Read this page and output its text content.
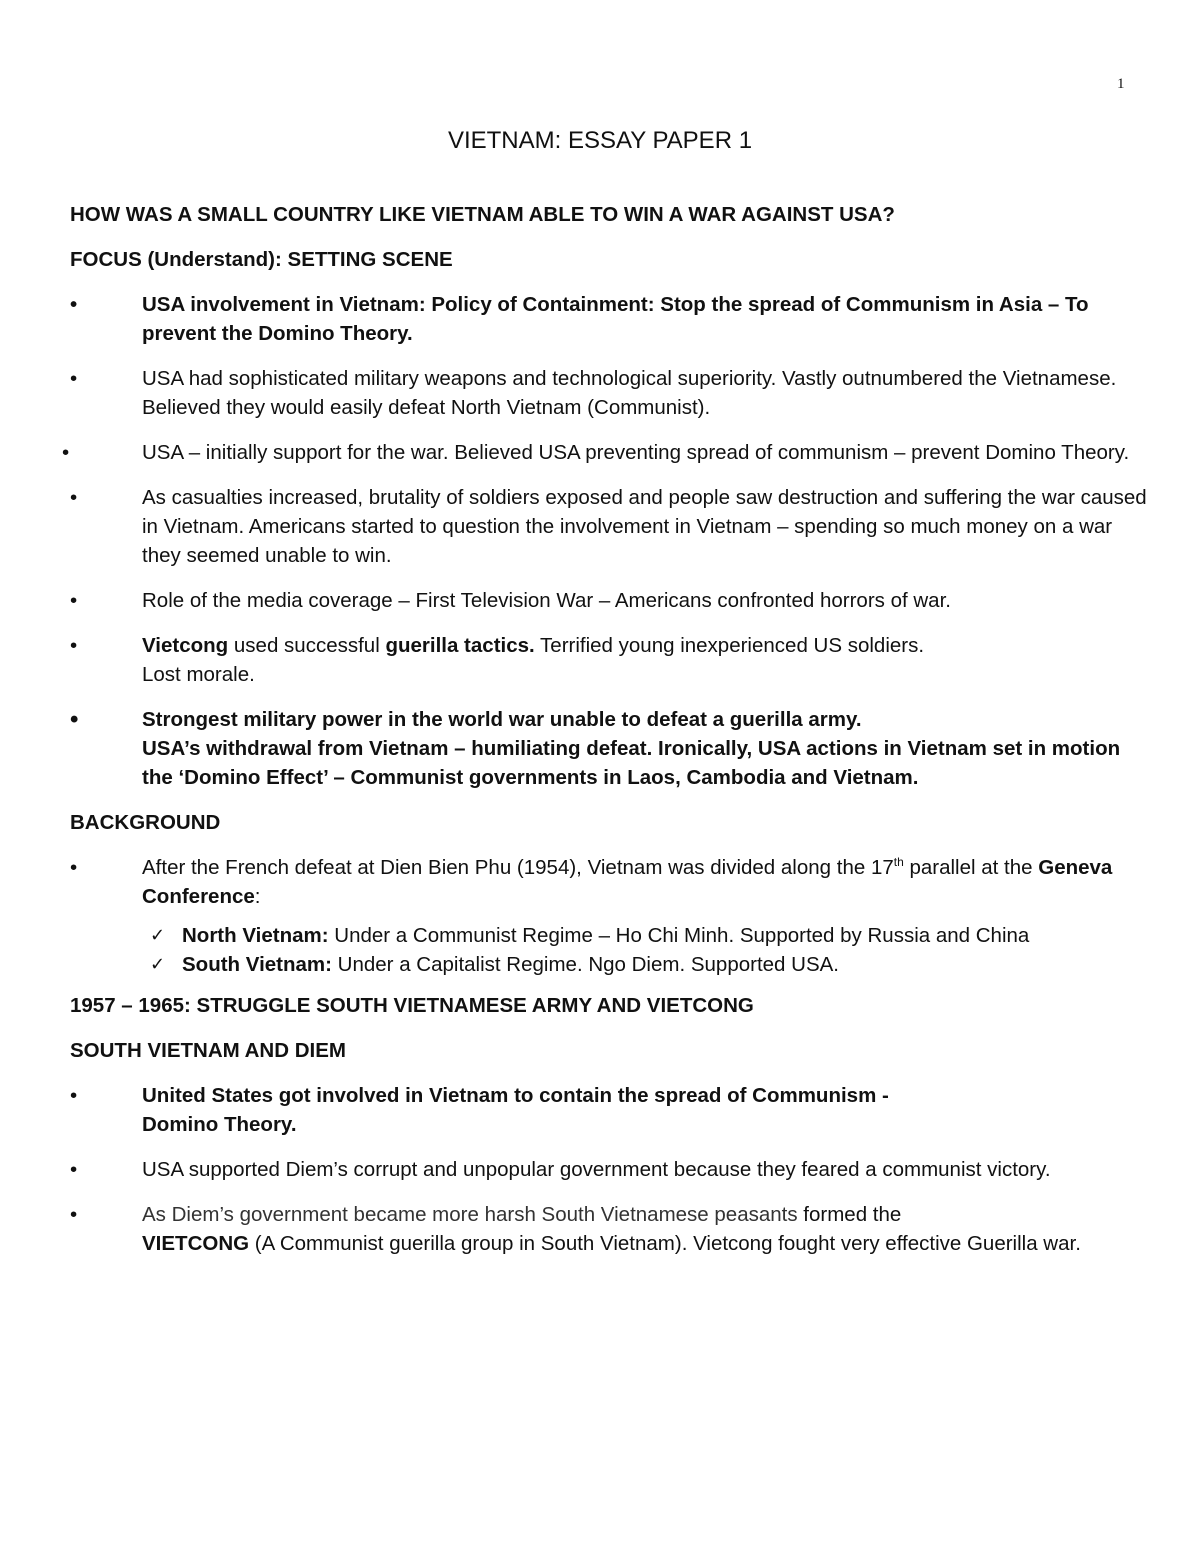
1
VIETNAM: ESSAY PAPER 1
HOW WAS A SMALL COUNTRY LIKE VIETNAM ABLE TO WIN A WAR AGAINST USA?
FOCUS (Understand): SETTING SCENE
•	USA involvement in Vietnam: Policy of Containment: Stop the spread of Communism in Asia – To prevent the Domino Theory.
•	USA had sophisticated military weapons and technological superiority. Vastly outnumbered the Vietnamese. Believed they would easily defeat North Vietnam (Communist).
•	USA – initially support for the war. Believed USA preventing spread of communism – prevent Domino Theory.
•	As casualties increased, brutality of soldiers exposed and people saw destruction and suffering the war caused in Vietnam. Americans started to question the involvement in Vietnam – spending so much money on a war they seemed unable to win.
•	Role of the media coverage – First Television War – Americans confronted horrors of war.
•	Vietcong used successful guerilla tactics. Terrified young inexperienced US soldiers.
Lost morale.
•	Strongest military power in the world war unable to defeat a guerilla army.
USA’s withdrawal from Vietnam – humiliating defeat. Ironically, USA actions in Vietnam set in motion the ‘Domino Effect’ – Communist governments in Laos, Cambodia and Vietnam.
BACKGROUND
•	After the French defeat at Dien Bien Phu (1954), Vietnam was divided along the 17th parallel at the Geneva Conference:
✓ North Vietnam: Under a Communist Regime – Ho Chi Minh. Supported by Russia and China
✓ South Vietnam: Under a Capitalist Regime. Ngo Diem. Supported USA.
1957 – 1965: STRUGGLE SOUTH VIETNAMESE ARMY AND VIETCONG
SOUTH VIETNAM AND DIEM
•	United States got involved in Vietnam to contain the spread of Communism -
Domino Theory.
•	USA supported Diem’s corrupt and unpopular government because they feared a communist victory.
•	As Diem’s government became more harsh South Vietnamese peasants formed the
VIETCONG (A Communist guerilla group in South Vietnam). Vietcong fought very effective Guerilla war.
